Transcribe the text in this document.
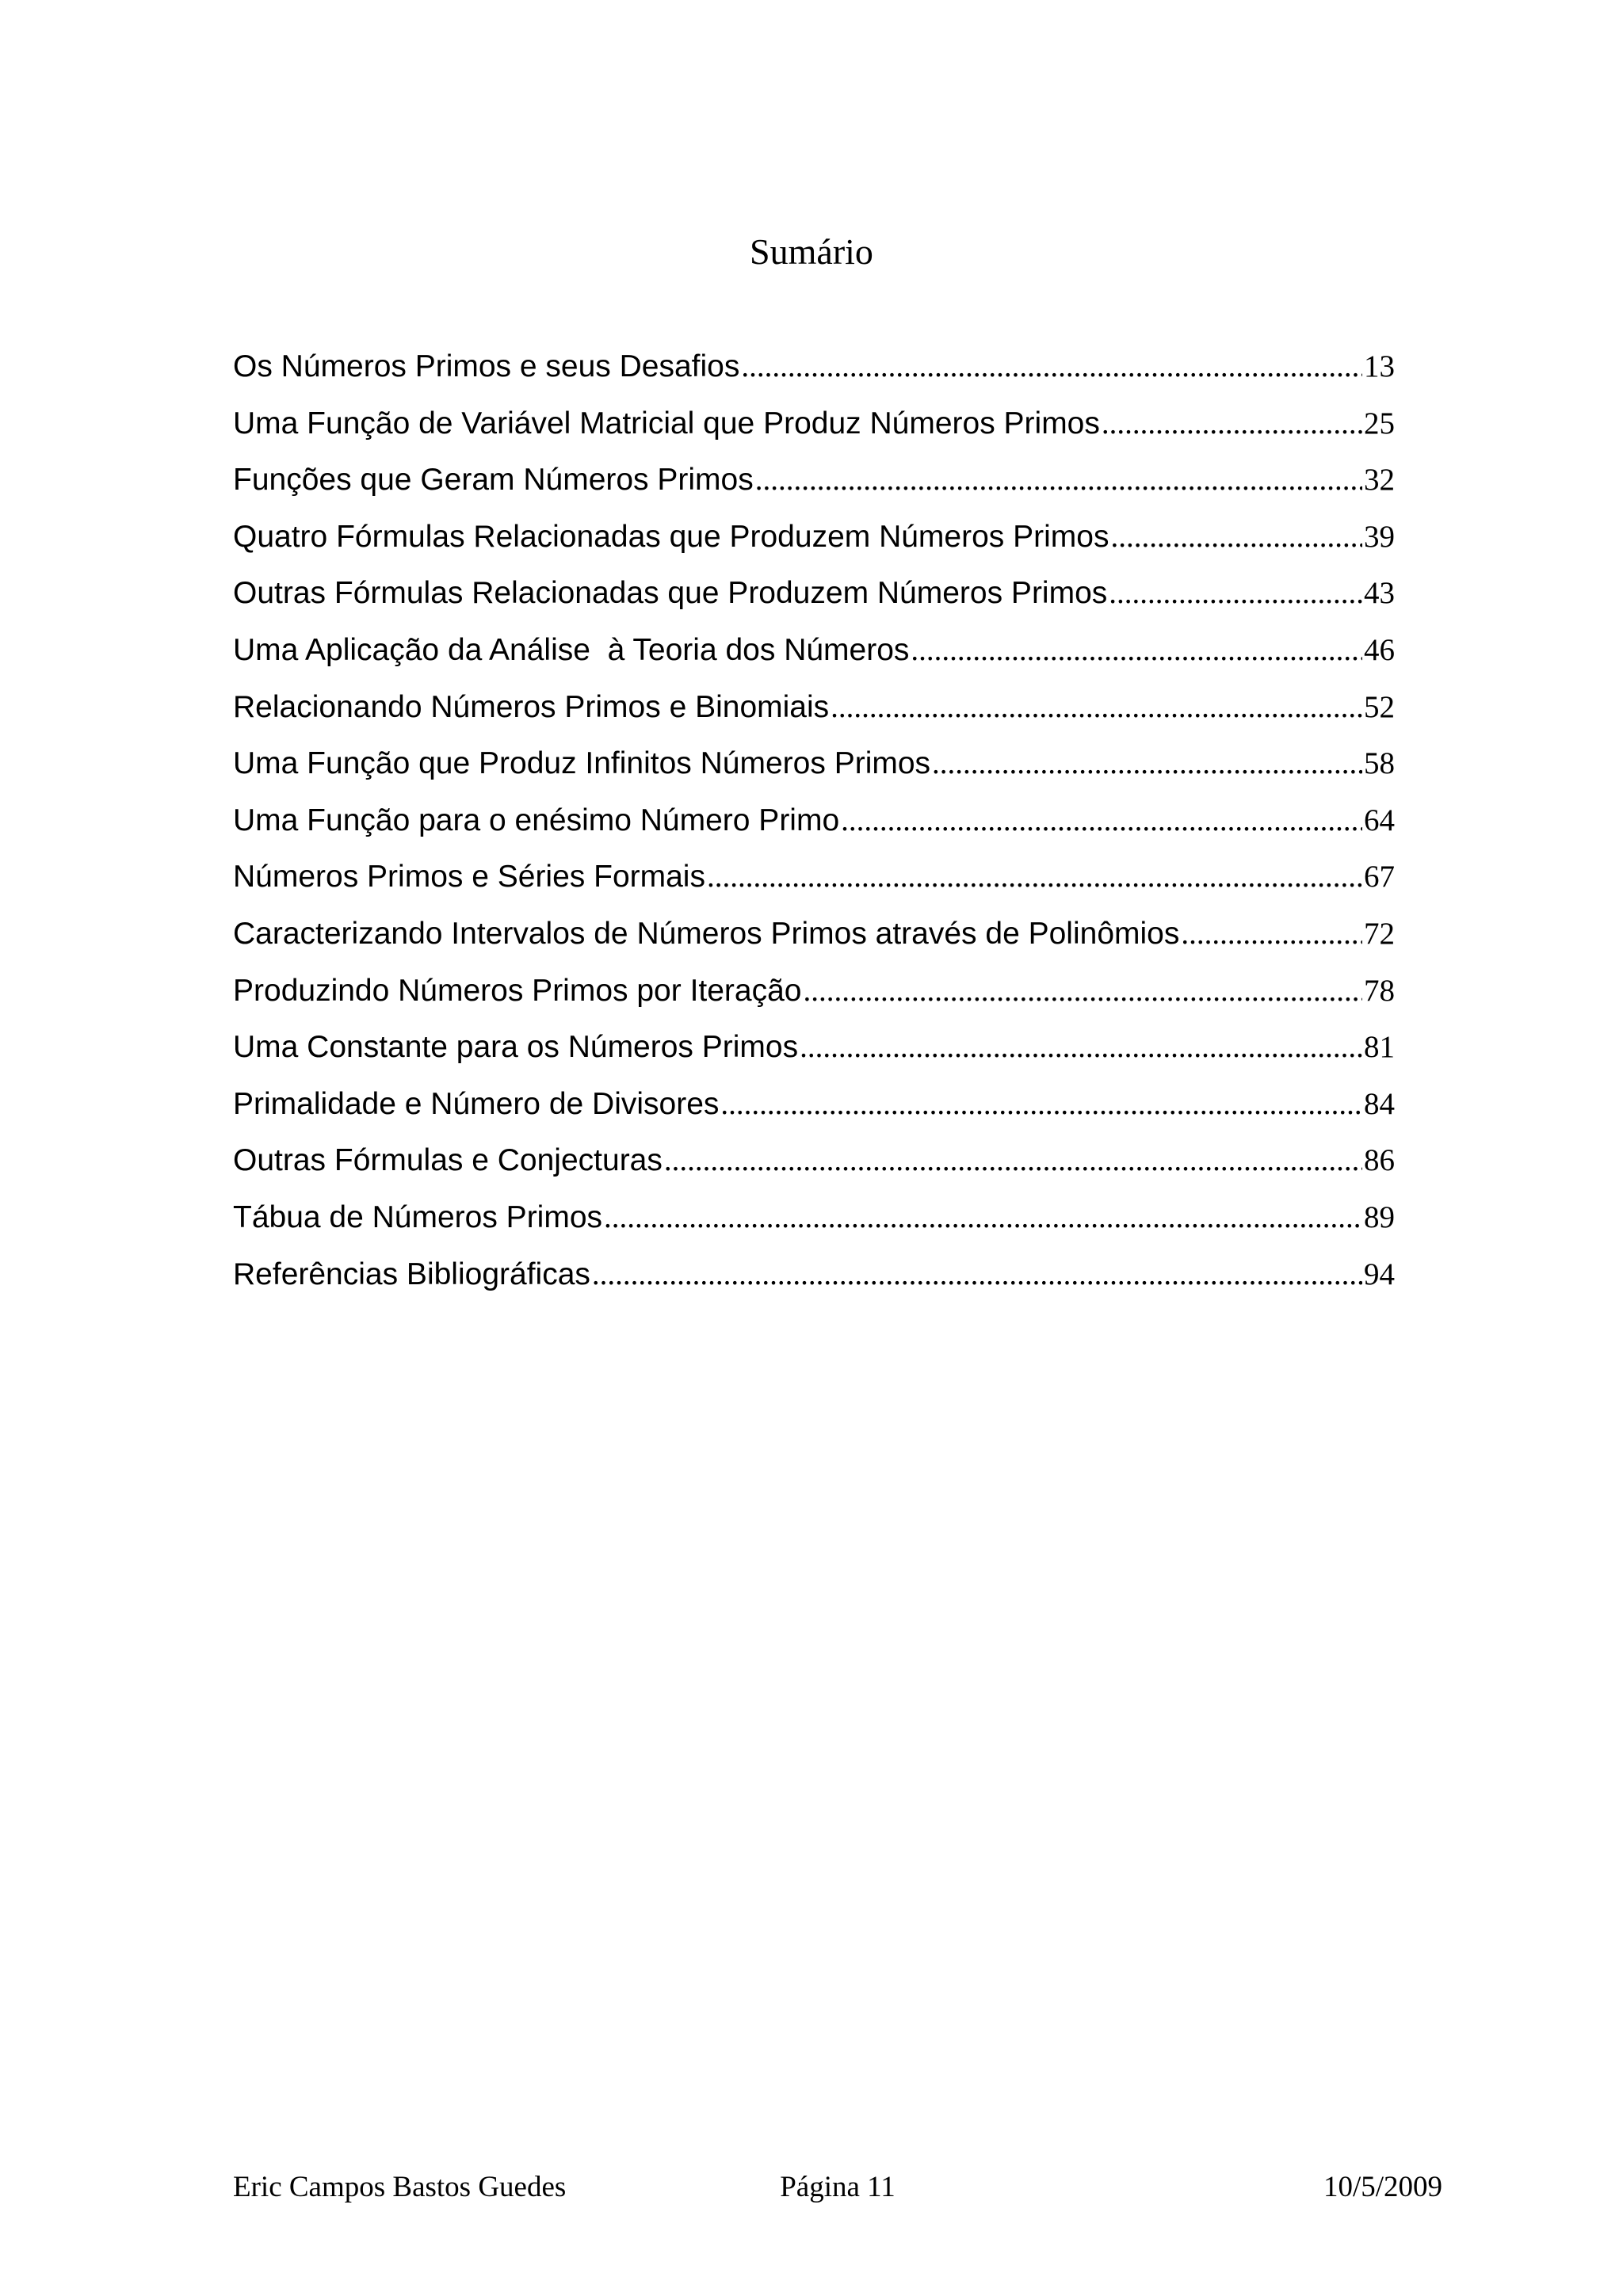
Sumário
Os Números Primos e seus Desafios .....	13
Uma Função de Variável Matricial que Produz Números Primos .....	25
Funções que Geram Números Primos .....	32
Quatro Fórmulas Relacionadas que Produzem Números Primos .....	39
Outras Fórmulas Relacionadas que Produzem Números Primos .....	43
Uma Aplicação da Análise  à Teoria dos Números .....	46
Relacionando Números Primos e Binomiais .....	52
Uma Função que Produz Infinitos Números Primos .....	58
Uma Função para o enésimo Número Primo .....	64
Números Primos e Séries Formais .....	67
Caracterizando Intervalos de Números Primos através de Polinômios .....	72
Produzindo Números Primos por Iteração .....	78
Uma Constante para os Números Primos .....	81
Primalidade e Número de Divisores .....	84
Outras Fórmulas e Conjecturas .....	86
Tábua de Números Primos .....	89
Referências Bibliográficas .....	94
Eric Campos Bastos Guedes	Página 11	10/5/2009
